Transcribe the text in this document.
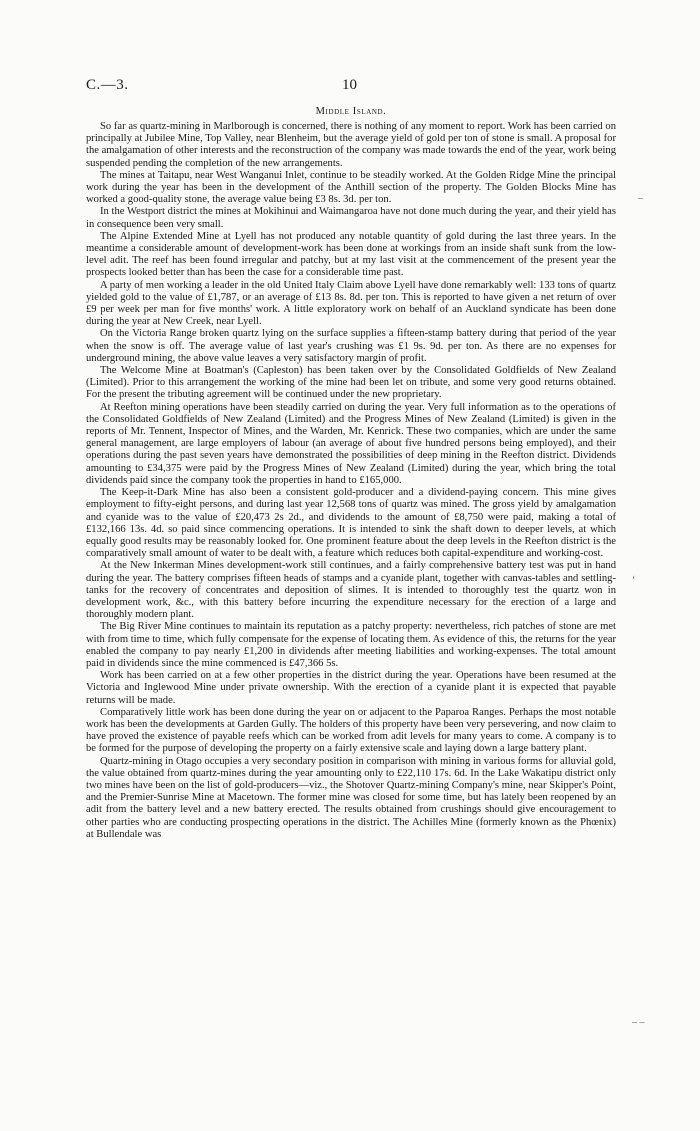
C.—3.	10
Middle Island.

So far as quartz-mining in Marlborough is concerned, there is nothing of any moment to report. Work has been carried on principally at Jubilee Mine, Top Valley, near Blenheim, but the average yield of gold per ton of stone is small. A proposal for the amalgamation of other interests and the reconstruction of the company was made towards the end of the year, work being suspended pending the completion of the new arrangements.

The mines at Taitapu, near West Wanganui Inlet, continue to be steadily worked. At the Golden Ridge Mine the principal work during the year has been in the development of the Anthill section of the property. The Golden Blocks Mine has worked a good-quality stone, the average value being £3 8s. 3d. per ton.

In the Westport district the mines at Mokihinui and Waimangaroa have not done much during the year, and their yield has in consequence been very small.

The Alpine Extended Mine at Lyell has not produced any notable quantity of gold during the last three years. In the meantime a considerable amount of development-work has been done at workings from an inside shaft sunk from the low-level adit. The reef has been found irregular and patchy, but at my last visit at the commencement of the present year the prospects looked better than has been the case for a considerable time past.

A party of men working a leader in the old United Italy Claim above Lyell have done remarkably well: 133 tons of quartz yielded gold to the value of £1,787, or an average of £13 8s. 8d. per ton. This is reported to have given a net return of over £9 per week per man for five months' work. A little exploratory work on behalf of an Auckland syndicate has been done during the year at New Creek, near Lyell.

On the Victoria Range broken quartz lying on the surface supplies a fifteen-stamp battery during that period of the year when the snow is off. The average value of last year's crushing was £1 9s. 9d. per ton. As there are no expenses for underground mining, the above value leaves a very satisfactory margin of profit.

The Welcome Mine at Boatman's (Capleston) has been taken over by the Consolidated Goldfields of New Zealand (Limited). Prior to this arrangement the working of the mine had been let on tribute, and some very good returns obtained. For the present the tributing agreement will be continued under the new proprietary.

At Reefton mining operations have been steadily carried on during the year. Very full information as to the operations of the Consolidated Goldfields of New Zealand (Limited) and the Progress Mines of New Zealand (Limited) is given in the reports of Mr. Tennent, Inspector of Mines, and the Warden, Mr. Kenrick. These two companies, which are under the same general management, are large employers of labour (an average of about five hundred persons being employed), and their operations during the past seven years have demonstrated the possibilities of deep mining in the Reefton district. Dividends amounting to £34,375 were paid by the Progress Mines of New Zealand (Limited) during the year, which bring the total dividends paid since the company took the properties in hand to £165,000.

The Keep-it-Dark Mine has also been a consistent gold-producer and a dividend-paying concern. This mine gives employment to fifty-eight persons, and during last year 12,568 tons of quartz was mined. The gross yield by amalgamation and cyanide was to the value of £20,473 2s 2d., and dividends to the amount of £8,750 were paid, making a total of £132,166 13s. 4d. so paid since commencing operations. It is intended to sink the shaft down to deeper levels, at which equally good results may be reasonably looked for. One prominent feature about the deep levels in the Reefton district is the comparatively small amount of water to be dealt with, a feature which reduces both capital-expenditure and working-cost.

At the New Inkerman Mines development-work still continues, and a fairly comprehensive battery test was put in hand during the year. The battery comprises fifteen heads of stamps and a cyanide plant, together with canvas-tables and settling-tanks for the recovery of concentrates and deposition of slimes. It is intended to thoroughly test the quartz won in development work, &c., with this battery before incurring the expenditure necessary for the erection of a large and thoroughly modern plant.

The Big River Mine continues to maintain its reputation as a patchy property: nevertheless, rich patches of stone are met with from time to time, which fully compensate for the expense of locating them. As evidence of this, the returns for the year enabled the company to pay nearly £1,200 in dividends after meeting liabilities and working-expenses. The total amount paid in dividends since the mine commenced is £47,366 5s.

Work has been carried on at a few other properties in the district during the year. Operations have been resumed at the Victoria and Inglewood Mine under private ownership. With the erection of a cyanide plant it is expected that payable returns will be made.

Comparatively little work has been done during the year on or adjacent to the Paparoa Ranges. Perhaps the most notable work has been the developments at Garden Gully. The holders of this property have been very persevering, and now claim to have proved the existence of payable reefs which can be worked from adit levels for many years to come. A company is to be formed for the purpose of developing the property on a fairly extensive scale and laying down a large battery plant.

Quartz-mining in Otago occupies a very secondary position in comparison with mining in various forms for alluvial gold, the value obtained from quartz-mines during the year amounting only to £22,110 17s. 6d. In the Lake Wakatipu district only two mines have been on the list of gold-producers—viz., the Shotover Quartz-mining Company's mine, near Skipper's Point, and the Premier-Sunrise Mine at Macetown. The former mine was closed for some time, but has lately been reopened by an adit from the battery level and a new battery erected. The results obtained from crushings should give encouragement to other parties who are conducting prospecting operations in the district. The Achilles Mine (formerly known as the Phœnix) at Bullendale was

–
‘
– –
